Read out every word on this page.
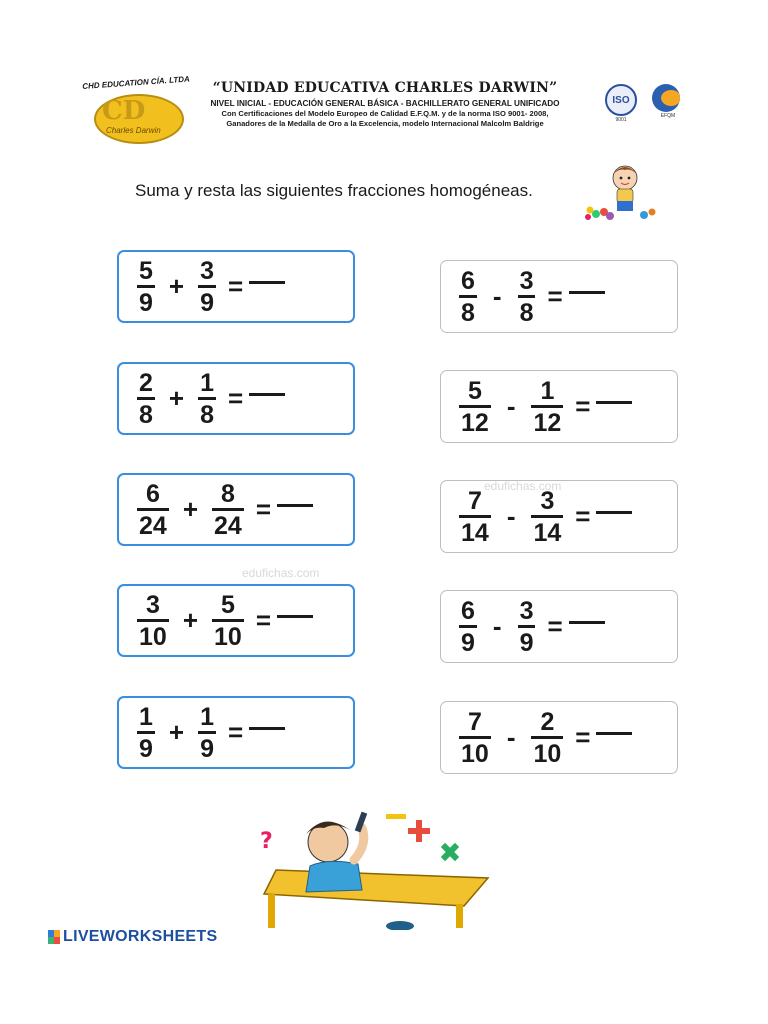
CHD EDUCATION CÍA. LTDA
CD
Charles Darwin
“UNIDAD EDUCATIVA CHARLES DARWIN”
NIVEL INICIAL - EDUCACIÓN GENERAL BÁSICA - BACHILLERATO GENERAL UNIFICADO
Con Certificaciones del Modelo Europeo de Calidad E.F.Q.M. y de la norma ISO 9001- 2008,
Ganadores de la Medalla de Oro a la Excelencia, modelo Internacional Malcolm Baldrige
ISO
9001
EFQM
Suma y resta las siguientes fracciones homogéneas.
$\frac{5}{9} + \frac{3}{9}$ =
$\frac{2}{8} + \frac{1}{8}$ =
$\frac{6}{24} + \frac{8}{24}$ =
$\frac{3}{10} + \frac{5}{10}$ =
$\frac{1}{9} + \frac{1}{9}$ =
$\frac{6}{8} - \frac{3}{8}$ =
$\frac{5}{12} - \frac{1}{12}$ =
$\frac{7}{14} - \frac{3}{14}$ =
$\frac{6}{9} - \frac{3}{9}$ =
$\frac{7}{10} - \frac{2}{10}$ =
edufichas.com
edufichas.com
?
LIVEWORKSHEETS
